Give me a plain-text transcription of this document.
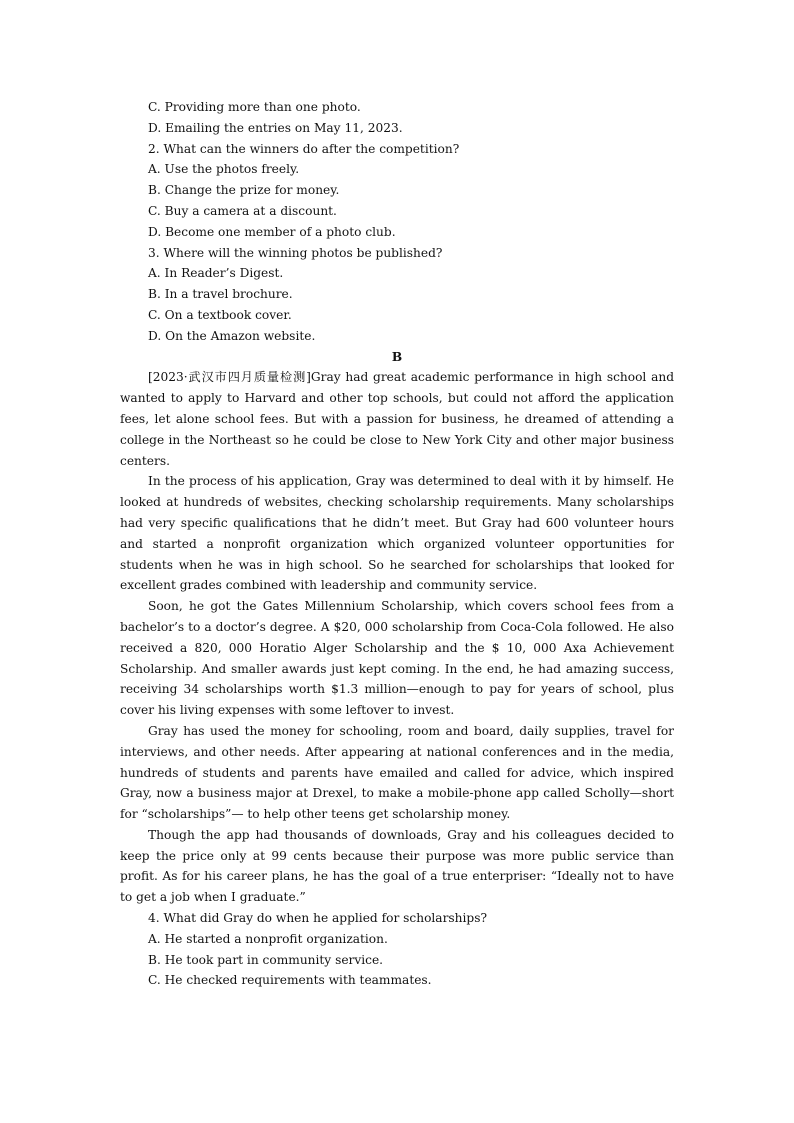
C. Providing more than one photo.

D. Emailing the entries on May 11, 2023.

2. What can the winners do after the competition?

A. Use the photos freely.

B. Change the prize for money.

C. Buy a camera at a discount.

D. Become one member of a photo club.

3. Where will the winning photos be published?

A. In Reader’s Digest.

B. In a travel brochure.

C. On a textbook cover.

D. On the Amazon website.

B

[2023·武汉市四月质量检测]Gray had great academic performance in high school and wanted to apply to Harvard and other top schools, but could not afford the application fees, let alone school fees. But with a passion for business, he dreamed of attending a college in the Northeast so he could be close to New York City and other major business centers.

In the process of his application, Gray was determined to deal with it by himself. He looked at hundreds of websites, checking scholarship requirements. Many scholarships had very specific qualifications that he didn’t meet. But Gray had 600 volunteer hours and started a nonprofit organization which organized volunteer opportunities for students when he was in high school. So he searched for scholarships that looked for excellent grades combined with leadership and community service.

Soon, he got the Gates Millennium Scholarship, which covers school fees from a bachelor’s to a doctor’s degree. A $20, 000 scholarship from Coca-Cola followed. He also received a 820, 000 Horatio Alger Scholarship and the $ 10, 000 Axa Achievement Scholarship. And smaller awards just kept coming. In the end, he had amazing success, receiving 34 scholarships worth $1.3 million—enough to pay for years of school, plus cover his living expenses with some leftover to invest.

Gray has used the money for schooling, room and board, daily supplies, travel for interviews, and other needs. After appearing at national conferences and in the media, hundreds of students and parents have emailed and called for advice, which inspired Gray, now a business major at Drexel, to make a mobile-phone app called Scholly—short for “scholarships”— to help other teens get scholarship money.

Though the app had thousands of downloads, Gray and his colleagues decided to keep the price only at 99 cents because their purpose was more public service than profit. As for his career plans, he has the goal of a true enterpriser: “Ideally not to have to get a job when I graduate.”

4. What did Gray do when he applied for scholarships?

A. He started a nonprofit organization.

B. He took part in community service.

C. He checked requirements with teammates.
